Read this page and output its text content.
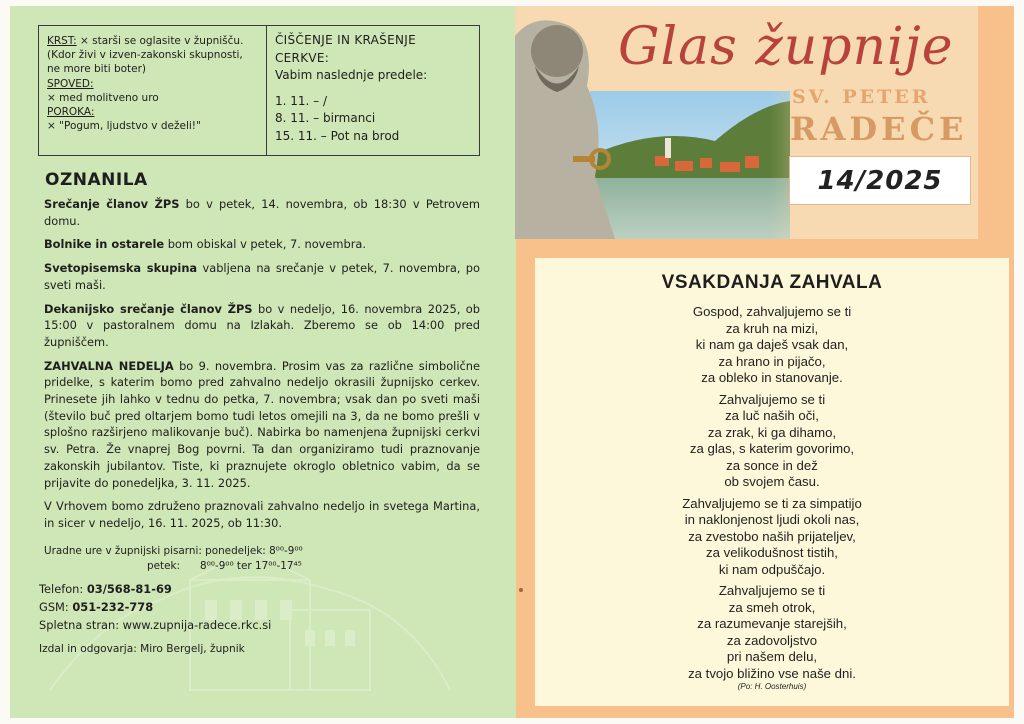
KRST: × starši se oglasite v župnišču. (Kdor živi v izven-zakonski skupnosti, ne more biti boter)
SPOVED:
× med molitveno uro
POROKA:
× "Pogum, ljudstvo v deželi!"
ČIŠČENJE IN KRAŠENJE CERKVE:
Vabim naslednje predele:
1. 11. – /
8. 11. – birmanci
15. 11. – Pot na brod
OZNANILA

Srečanje članov ŽPS bo v petek, 14. novembra, ob 18:30 v Petrovem domu.

Bolnike in ostarele bom obiskal v petek, 7. novembra.

Svetopisemska skupina vabljena na srečanje v petek, 7. novembra, po sveti maši.

Dekanijsko srečanje članov ŽPS bo v nedeljo, 16. novembra 2025, ob 15:00 v pastoralnem domu na Izlakah. Zberemo se ob 14:00 pred župniščem.

ZAHVALNA NEDELJA bo 9. novembra. Prosim vas za različne simbolične pridelke, s katerim bomo pred zahvalno nedeljo okrasili župnijsko cerkev. Prinesete jih lahko v tednu do petka, 7. novembra; vsak dan po sveti maši (število buč pred oltarjem bomo tudi letos omejili na 3, da ne bomo prešli v splošno razširjeno malikovanje buč). Nabirka bo namenjena župnijski cerkvi sv. Petra. Že vnaprej Bog povrni. Ta dan organiziramo tudi praznovanje zakonskih jubilantov. Tiste, ki praznujete okroglo obletnico vabim, da se prijavite do ponedeljka, 3. 11. 2025.

V Vrhovem bomo združeno praznovali zahvalno nedeljo in svetega Martina, in sicer v nedeljo, 16. 11. 2025, ob 11:30.

Uradne ure v župnijski pisarni: ponedeljek:
8⁰⁰-9⁰⁰
petek:	8⁰⁰-9⁰⁰ ter 17⁰⁰-17⁴⁵
Telefon: 03/568-81-69
GSM: 051-232-778
Spletna stran: www.zupnija-radece.rkc.si
Izdal in odgovarja: Miro Bergelj, župnik
Glas župnije
SV. PETER
RADEČE
14/2025
VSAKDANJA ZAHVALA
Gospod, zahvaljujemo se ti
za kruh na mizi,
ki nam ga daješ vsak dan,
za hrano in pijačo,
za obleko in stanovanje.
Zahvaljujemo se ti
za luč naših oči,
za zrak, ki ga dihamo,
za glas, s katerim govorimo,
za sonce in dež
ob svojem času.
Zahvaljujemo se ti za simpatijo
in naklonjenost ljudi okoli nas,
za zvestobo naših prijateljev,
za velikodušnost tistih,
ki nam odpuščajo.
Zahvaljujemo se ti
za smeh otrok,
za razumevanje starejših,
za zadovoljstvo
pri našem delu,
za tvojo bližino vse naše dni.
(Po: H. Oosterhuis)
